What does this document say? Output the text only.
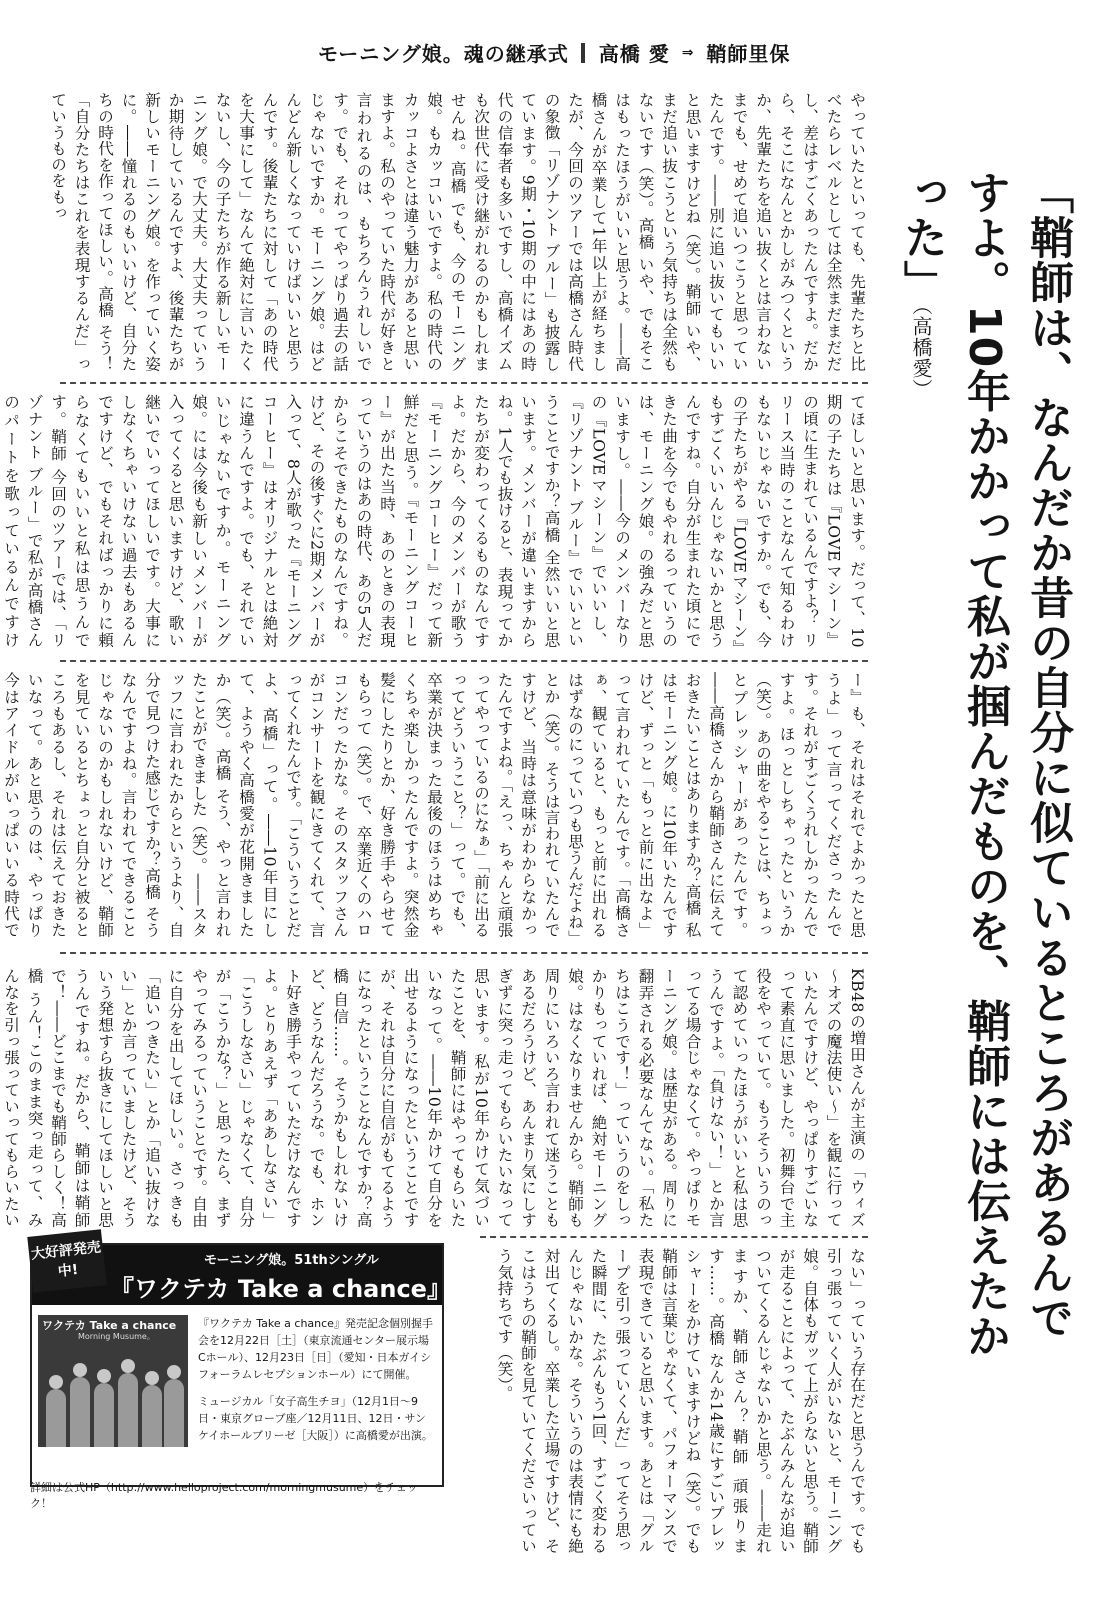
モーニング娘。魂の継承式 高橋 愛 ⇒ 鞘師里保
「鞘師は、なんだか昔の自分に似ているところがあるんですよ。10年かかって私が掴んだものを、鞘師には伝えたかった」（高橋愛）
やっていたといっても、先輩たちと比べたらレベルとしては全然まだまだだし、差はすごくあったんですよ。だから、そこになんとかしがみつくというか、先輩たちを追い抜くとは言わないまでも、せめて追いつこうと思っていたんです。――別に追い抜いてもいいと思いますけどね（笑）。鞘師 いや、まだ追い抜こうという気持ちは全然もないです（笑）。高橋 いや、でもそこはもったほうがいいと思うよ。――高橋さんが卒業して1年以上が経ちましたが、今回のツアーでは高橋さん時代の象徴「リゾナント ブルー」も披露しています。9期・10期の中にはあの時代の信奉者も多いですし、高橋イズムも次世代に受け継がれるのかもしれませんね。高橋 でも、今のモーニング娘。もカッコいいですよ。私の時代のカッコよさとは違う魅力があると思いますよ。私のやっていた時代が好きと言われるのは、もちろんうれしいです。でも、それってやっぱり過去の話じゃないですか。モーニング娘。はどんどん新しくなっていけばいいと思うんです。後輩たちに対して「あの時代を大事にして」なんて絶対に言いたくないし、今の子たちが作る新しいモーニング娘。で大丈夫。大丈夫っていうか期待しているんですよ、後輩たちが新しいモーニング娘。を作っていく姿に。――憧れるのもいいけど、自分たちの時代を作ってほしい。高橋 そう！「自分たちはこれを表現するんだ」っていうものをもっ
てほしいと思います。だって、10期の子たちは『LOVEマシーン』の頃に生まれているんですよ？ リリース当時のことなんて知るわけもないじゃないですか。でも、今の子たちがやる『LOVEマシーン』もすごくいいんじゃないかと思うんですね。自分が生まれた頃にできた曲を今でもやれるっていうのは、モーニング娘。の強みだと思いますし。――今のメンバーなりの『LOVEマシーン』でいいし、『リゾナント ブルー』でいいということですか？高橋 全然いいと思います。メンバーが違いますからね。1人でも抜けると、表現ってかたちが変わってくるものなんですよ。だから、今のメンバーが歌う『モーニングコーヒー』だって新鮮だと思う。『モーニングコーヒー』が出た当時、あのときの表現っていうのはあの時代、あの5人だからこそできたものなんですね。けど、その後すぐに2期メンバーが入って、8人が歌った『モーニングコーヒー』はオリジナルとは絶対に違うんですよ。でも、それでいいじゃないですか。モーニング娘。には今後も新しいメンバーが入ってくると思いますけど、歌い継いでいってほしいです。大事にしなくちゃいけない過去もあるんですけど、でもそればっかりに頼らなくてもいいと私は思うんです。鞘師 今回のツアーでは、「リゾナント ブルー」で私が高橋さんのパートを歌っているんですけ
ー』も、それはそれでよかったと思うよ」って言ってくださったんです。それがすごくうれしかったんですよ。ほっとしちゃったというか（笑）。あの曲をやることは、ちょっとプレッシャーがあったんです。――高橋さんから鞘師さんに伝えておきたいことはありますか？高橋 私はモーニング娘。に10年いたんですけど、ずっと「もっと前に出なよ」って言われていたんです。「高橋さぁ、観ていると、もっと前に出れるはずなのにっていつも思うんだよね」とか（笑）。そうは言われていたんですけど、当時は意味がわからなかったんですよね。「えっ、ちゃんと頑張ってやっているのになぁ」「前に出るってどういうこと？」って。でも、卒業が決まった最後のほうはめちゃくちゃ楽しかったんですよ。突然金髪にしたりとか、好き勝手やらせてもらって（笑）。で、卒業近くのハロコンだったかな。そのスタッフさんがコンサートを観にきてくれて、言ってくれたんです。「こういうことだよ、高橋」って。――10年目にして、ようやく高橋愛が花開きましたか（笑）。高橋 そう、やっと言われたことができました（笑）。――スタッフに言われたからというより、自分で見つけた感じですか？高橋 そうなんですよね。言われてできることじゃないのかもしれないけど、鞘師を見ているとちょっと自分と被るところもあるし、それは伝えておきたいなって。あと思うのは、やっぱり今はアイドルがいっぱいいる時代で
KB48の増田さんが主演の「ウィズ～オズの魔法使い～」を観に行っていたんですけど、やっぱりすごいなって素直に思いました。初舞台で主役をやっていて。もうそういうのって認めていったほうがいいと私は思うんですよ。「負けない！」とか言ってる場合じゃなくて。やっぱりモーニング娘。は歴史がある。周りに翻弄される必要なんてない。「私たちはこうです！」っていうのをしっかりもっていれば、絶対モーニング娘。はなくなりませんから。鞘師も周りにいろいろ言われて迷うこともあるだろうけど、あんまり気にしすぎずに突っ走ってもらいたいなって思います。私が10年かけて気づいたことを、鞘師にはやってもらいたいなって。――10年かけて自分を出せるようになったということですが、それは自分に自信がもてるようになったということなんですか？高橋 自信……。そうかもしれないけど、どうなんだろうな。でも、ホント好き勝手やっていただけなんですよ。とりあえず「ああしなさい」「こうしなさい」じゃなくて、自分が「こうかな？」と思ったら、まずやってみるっていうことです。自由に自分を出してほしい。さっきも「追いつきたい」とか「追い抜けない」とか言っていましたけど、そういう発想すら抜きにしてほしいと思うんですね。だから、鞘師は鞘師で！――どこまでも鞘師らしく！高橋 うん！このまま突っ走って、みんなを引っ張っていってもらいたい
ない」っていう存在だと思うんです。でも引っ張っていく人がいないと、モーニング娘。自体もガッて上がらないと思う。鞘師が走ることによって、たぶんみんなが追いついてくるんじゃないかと思う。――走れますか、鞘師さん？鞘師 頑張ります……。高橋 なんか14歳にすごいプレッシャーをかけていますけどね（笑）。でも鞘師は言葉じゃなくて、パフォーマンスで表現できていると思います。あとは「グループを引っ張っていくんだ」ってそう思った瞬間に、たぶんもう1回、すごく変わるんじゃないかな。そういうのは表情にも絶対出てくるし。卒業した立場ですけど、そこはうちの鞘師を見ていてくださいっていう気持ちです（笑）。
モーニング娘。51thシングル
『ワクテカ Take a chance』
大好評発売中!
ワクテカ Take a chance
Morning Musume。

『ワクテカ Take a chance』発売記念個別握手会を12月22日［土］（東京流通センター展示場Cホール）、12月23日［日］（愛知・日本ガイシフォーラムレセプションホール）にて開催。

ミュージカル「女子高生チヨ」（12月1日～9日・東京グローブ座／12月11日、12日・サンケイホールブリーゼ［大阪］）に高橋愛が出演。

詳細は公式HP（http://www.helloproject.com/morningmusume）をチェック！
